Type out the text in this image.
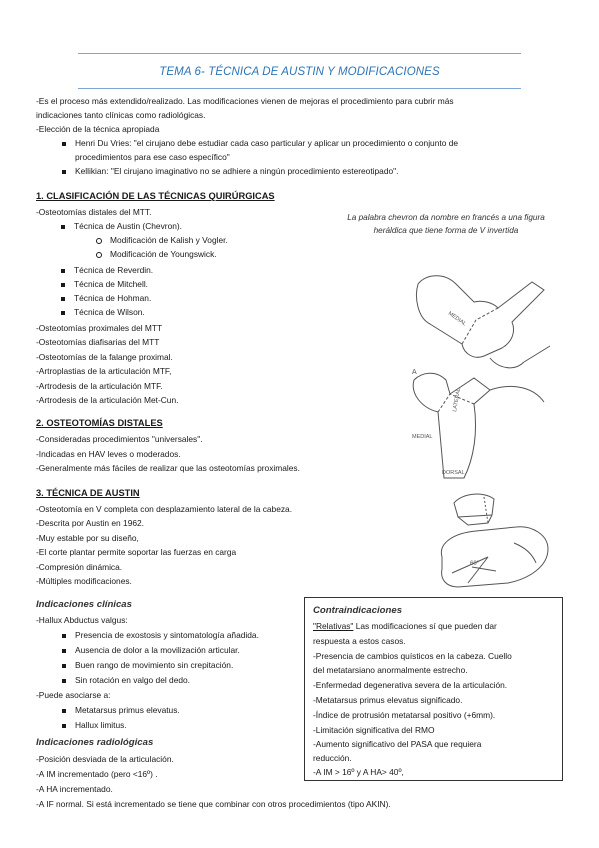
TEMA 6- TÉCNICA DE AUSTIN Y MODIFICACIONES
-Es el proceso más extendido/realizado. Las modificaciones vienen de mejoras el procedimiento para cubrir más
indicaciones tanto clínicas como radiológicas.
-Elección de la técnica apropiada
Henri Du Vries: "el cirujano debe estudiar cada caso particular y aplicar un procedimiento o conjunto de
procedimientos para ese caso específico"
Kellikian: "El cirujano imaginativo no se adhiere a ningún procedimiento estereotipado".
1. CLASIFICACIÓN DE LAS TÉCNICAS QUIRÚRGICAS
-Osteotomías distales del MTT.
Técnica de Austin (Chevron).
Modificación de Kalish y Vogler.
Modificación de Youngswick.
Técnica de Reverdin.
Técnica de Mitchell.
Técnica de Hohman.
Técnica de Wilson.
-Osteotomías proximales del MTT
-Osteotomías diafisarias del MTT
-Osteotomías de la falange proximal.
-Artroplastias de la articulación MTF,
-Artrodesis de la articulación MTF.
-Artrodesis de la articulación Met-Cun.
La palabra chevron da nombre en francés a una figura heráldica que tiene forma de V invertida
MEDIAL
A
LATERAL
MEDIAL
DORSAL
2. OSTEOTOMÍAS DISTALES
-Consideradas procedimientos "universales".
-Indicadas en HAV leves o moderados.
-Generalmente más fáciles de realizar que las osteotomías proximales.
3. TÉCNICA DE AUSTIN
-Osteotomía en V completa con desplazamiento lateral de la cabeza.
-Descrita por Austin en 1962.
-Muy estable por su diseño,
-El corte plantar permite soportar las fuerzas en carga
-Compresión dinámica.
-Múltiples modificaciones.
60°
Indicaciones clínicas
-Hallux Abductus valgus:
Presencia de exostosis y sintomatología añadida.
Ausencia de dolor a la movilización articular.
Buen rango de movimiento sin crepitación.
Sin rotación en valgo del dedo.
-Puede asociarse a:
Metatarsus primus elevatus.
Hallux limitus.
Indicaciones radiológicas
-Posición desviada de la articulación.
-A IM incrementado (pero <16º) .
-A HA incrementado.
-A IF normal. Si está incrementado se tiene que combinar con otros procedimientos (tipo AKIN).
Contraindicaciones
"Relativas" Las modificaciones sí que pueden dar
respuesta a estos casos.
-Presencia de cambios quísticos en la cabeza. Cuello
del metatarsiano anormalmente estrecho.
-Enfermedad degenerativa severa de la articulación.
-Metatarsus primus elevatus significado.
-Índice de protrusión metatarsal positivo (+6mm).
-Limitación significativa del RMO
-Aumento significativo del PASA que requiera
reducción.
-A IM > 16º y A HA> 40º,
